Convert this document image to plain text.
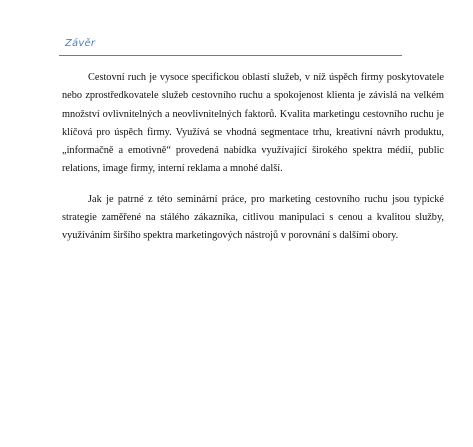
Závěr
Cestovní ruch je vysoce specifickou oblastí služeb, v níž úspěch firmy poskytovatele
nebo zprostředkovatele služeb cestovního ruchu a spokojenost klienta je závislá na velkém
množství ovlivnitelných a neovlivnitelných faktorů. Kvalita marketingu cestovního ruchu je
klíčová pro úspěch firmy. Využívá se vhodná segmentace trhu, kreativní návrh produktu,
„informačně a emotivně“ provedená nabídka využívající širokého spektra médií, public
relations, image firmy, interní reklama a mnohé další.
Jak je patrné z této seminární práce, pro marketing cestovního ruchu jsou typické
strategie zaměřené na stálého zákazníka, citlivou manipulaci s cenou a kvalitou služby,
využíváním širšího spektra marketingových nástrojů v porovnání s dalšími obory.
